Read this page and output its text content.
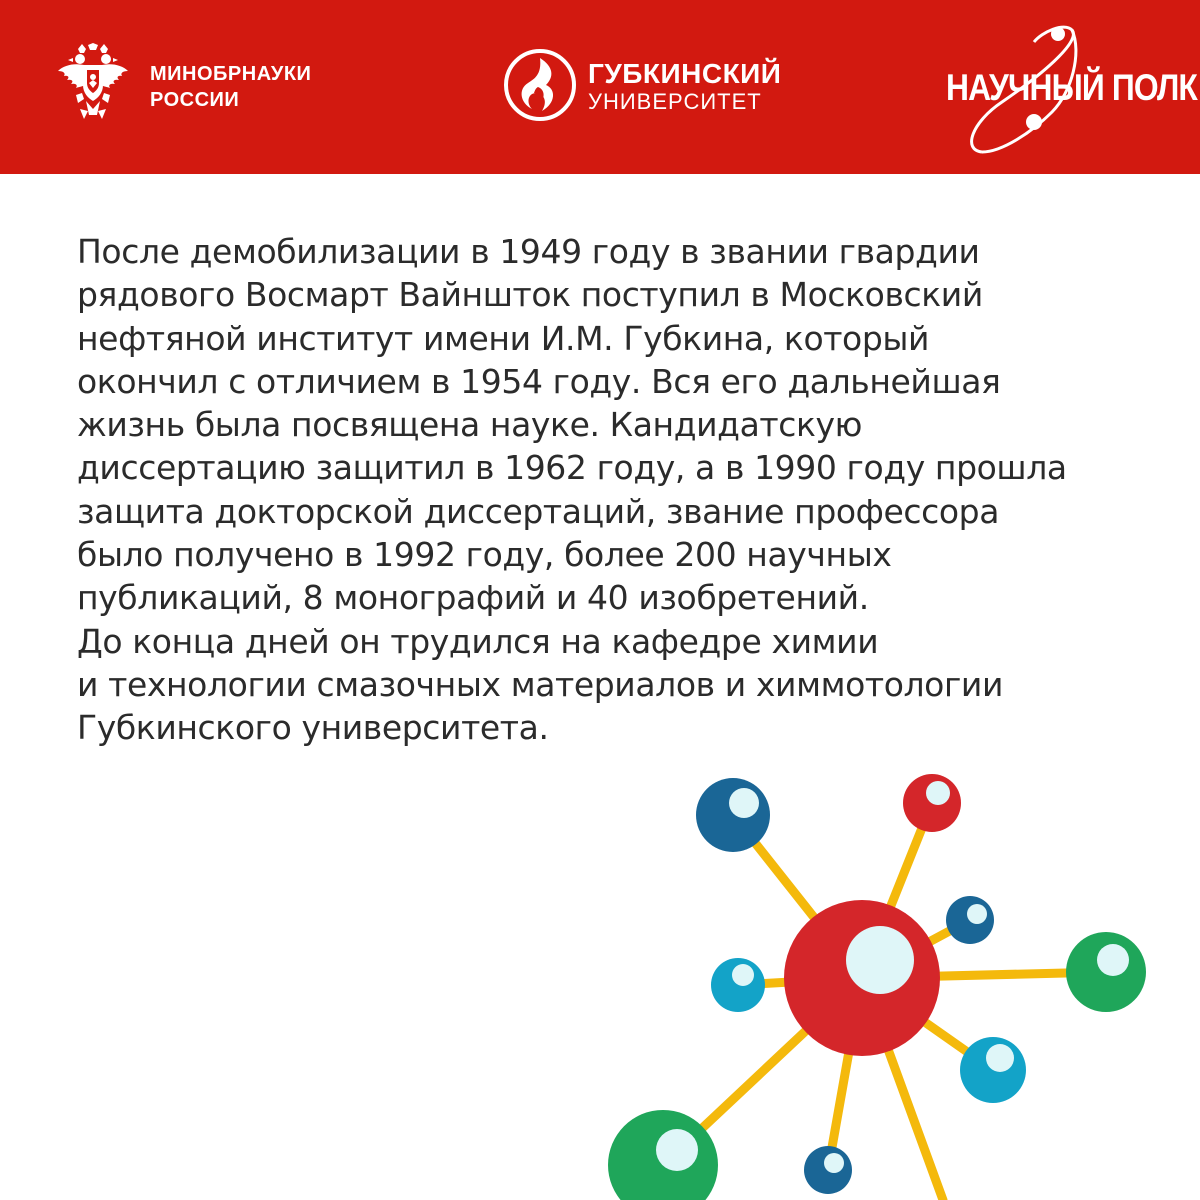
МИНОБРНАУКИ
РОССИИ
ГУБКИНСКИЙ
УНИВЕРСИТЕТ	НАУЧНЫЙ ПОЛК
После демобилизации в 1949 году в звании гвардии
рядового Восмарт Вайншток поступил в Московский
нефтяной институт имени И.М. Губкина, который
окончил с отличием в 1954 году. Вся его дальнейшая
жизнь была посвящена науке. Кандидатскую
диссертацию защитил в 1962 году, а в 1990 году прошла
защита докторской диссертаций, звание профессора
было получено в 1992 году, более 200 научных
публикаций, 8 монографий и 40 изобретений.
До конца дней он трудился на кафедре химии
и технологии смазочных материалов и химмотологии
Губкинского университета.
